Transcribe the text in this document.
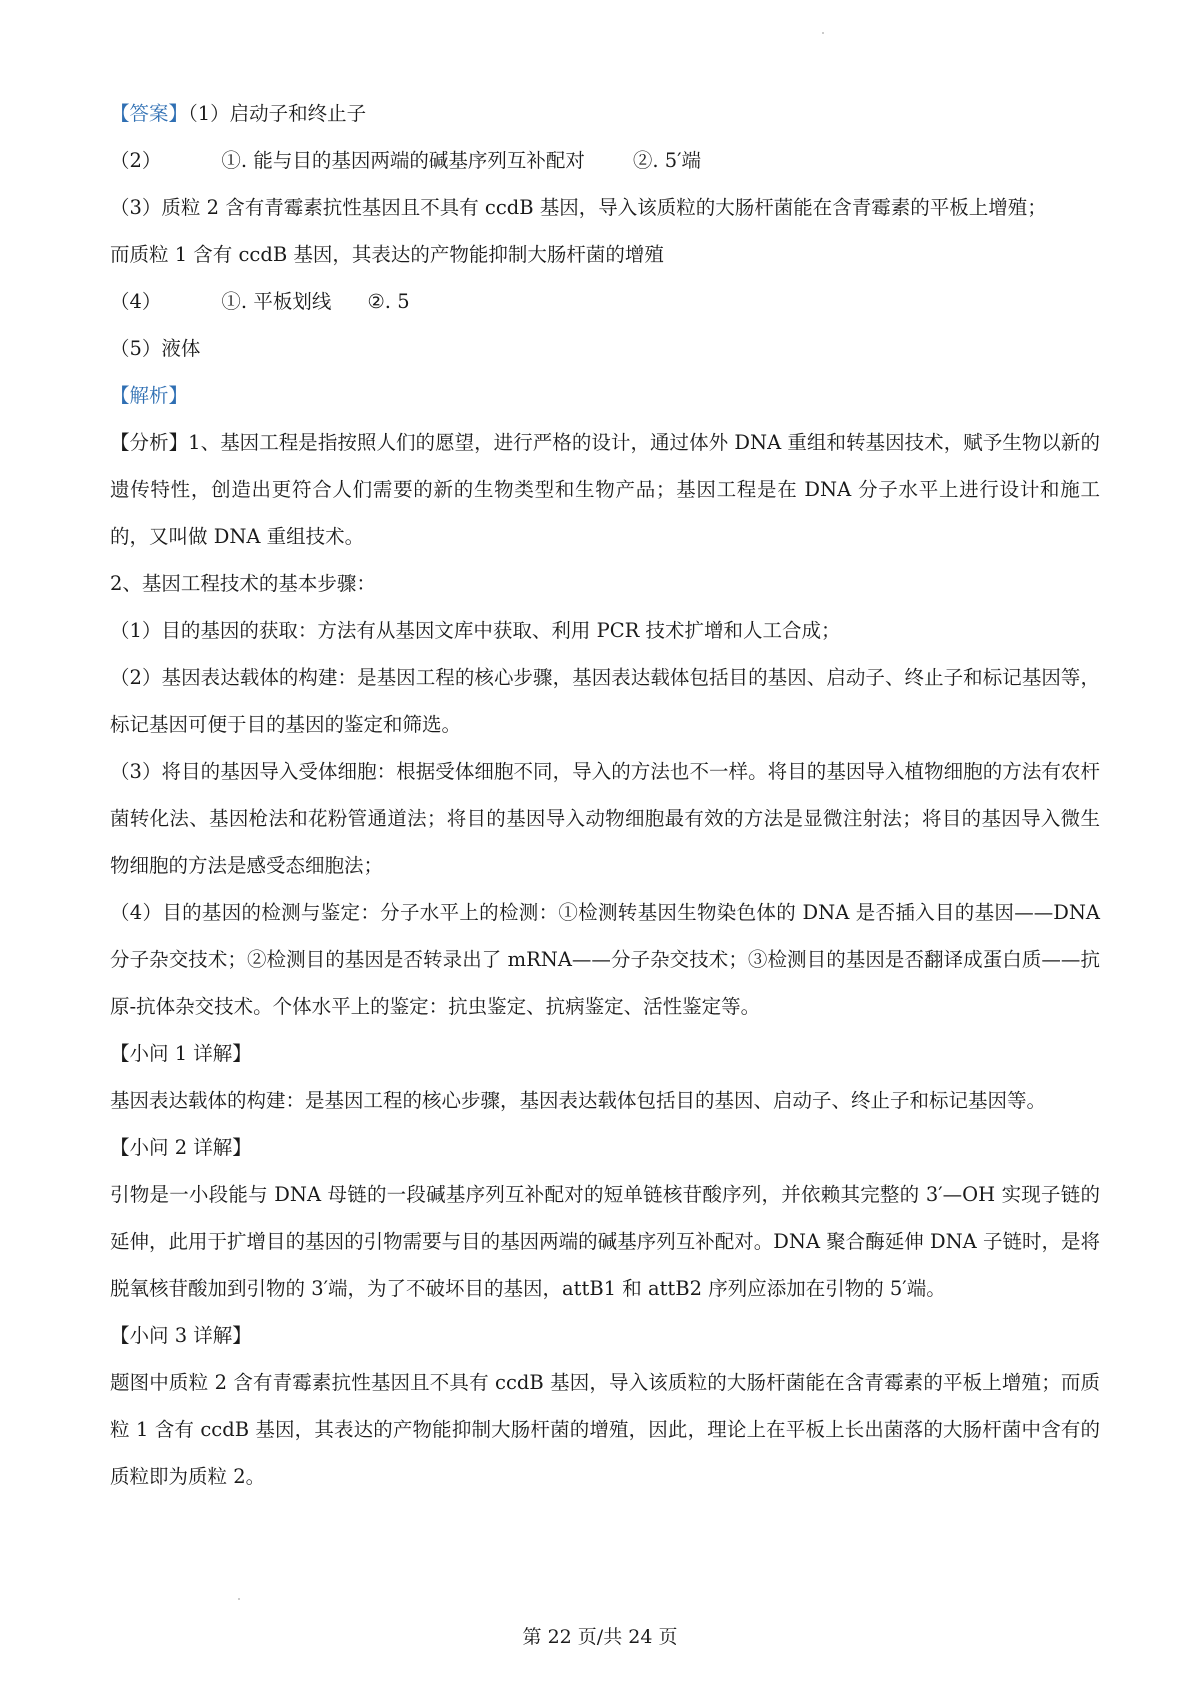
【答案】（1）启动子和终止子

（2）	①. 能与目的基因两端的碱基序列互补配对 ②. 5′端

（3）质粒 2 含有青霉素抗性基因且不具有 ccdB 基因，导入该质粒的大肠杆菌能在含青霉素的平板上增殖；
而质粒 1 含有 ccdB 基因，其表达的产物能抑制大肠杆菌的增殖

（4）	①. 平板划线 ②. 5

（5）液体

【解析】

【分析】1、基因工程是指按照人们的愿望，进行严格的设计，通过体外 DNA 重组和转基因技术，赋予生物以新的遗传特性，创造出更符合人们需要的新的生物类型和生物产品；基因工程是在 DNA 分子水平上进行设计和施工的，又叫做 DNA 重组技术。

2、基因工程技术的基本步骤：

（1）目的基因的获取：方法有从基因文库中获取、利用 PCR 技术扩增和人工合成；

（2）基因表达载体的构建：是基因工程的核心步骤，基因表达载体包括目的基因、启动子、终止子和标记基因等，标记基因可便于目的基因的鉴定和筛选。

（3）将目的基因导入受体细胞：根据受体细胞不同，导入的方法也不一样。将目的基因导入植物细胞的方法有农杆菌转化法、基因枪法和花粉管通道法；将目的基因导入动物细胞最有效的方法是显微注射法；将目的基因导入微生物细胞的方法是感受态细胞法；

（4）目的基因的检测与鉴定：分子水平上的检测：①检测转基因生物染色体的 DNA 是否插入目的基因——DNA 分子杂交技术；②检测目的基因是否转录出了 mRNA——分子杂交技术；③检测目的基因是否翻译成蛋白质——抗原-抗体杂交技术。个体水平上的鉴定：抗虫鉴定、抗病鉴定、活性鉴定等。

【小问 1 详解】

基因表达载体的构建：是基因工程的核心步骤，基因表达载体包括目的基因、启动子、终止子和标记基因等。

【小问 2 详解】

引物是一小段能与 DNA 母链的一段碱基序列互补配对的短单链核苷酸序列，并依赖其完整的 3′—OH 实现子链的延伸，此用于扩增目的基因的引物需要与目的基因两端的碱基序列互补配对。DNA 聚合酶延伸 DNA 子链时，是将脱氧核苷酸加到引物的 3′端，为了不破坏目的基因，attB1 和 attB2 序列应添加在引物的 5′端。

【小问 3 详解】

题图中质粒 2 含有青霉素抗性基因且不具有 ccdB 基因，导入该质粒的大肠杆菌能在含青霉素的平板上增殖；而质粒 1 含有 ccdB 基因，其表达的产物能抑制大肠杆菌的增殖，因此，理论上在平板上长出菌落的大肠杆菌中含有的质粒即为质粒 2。

第 22 页/共 24 页
